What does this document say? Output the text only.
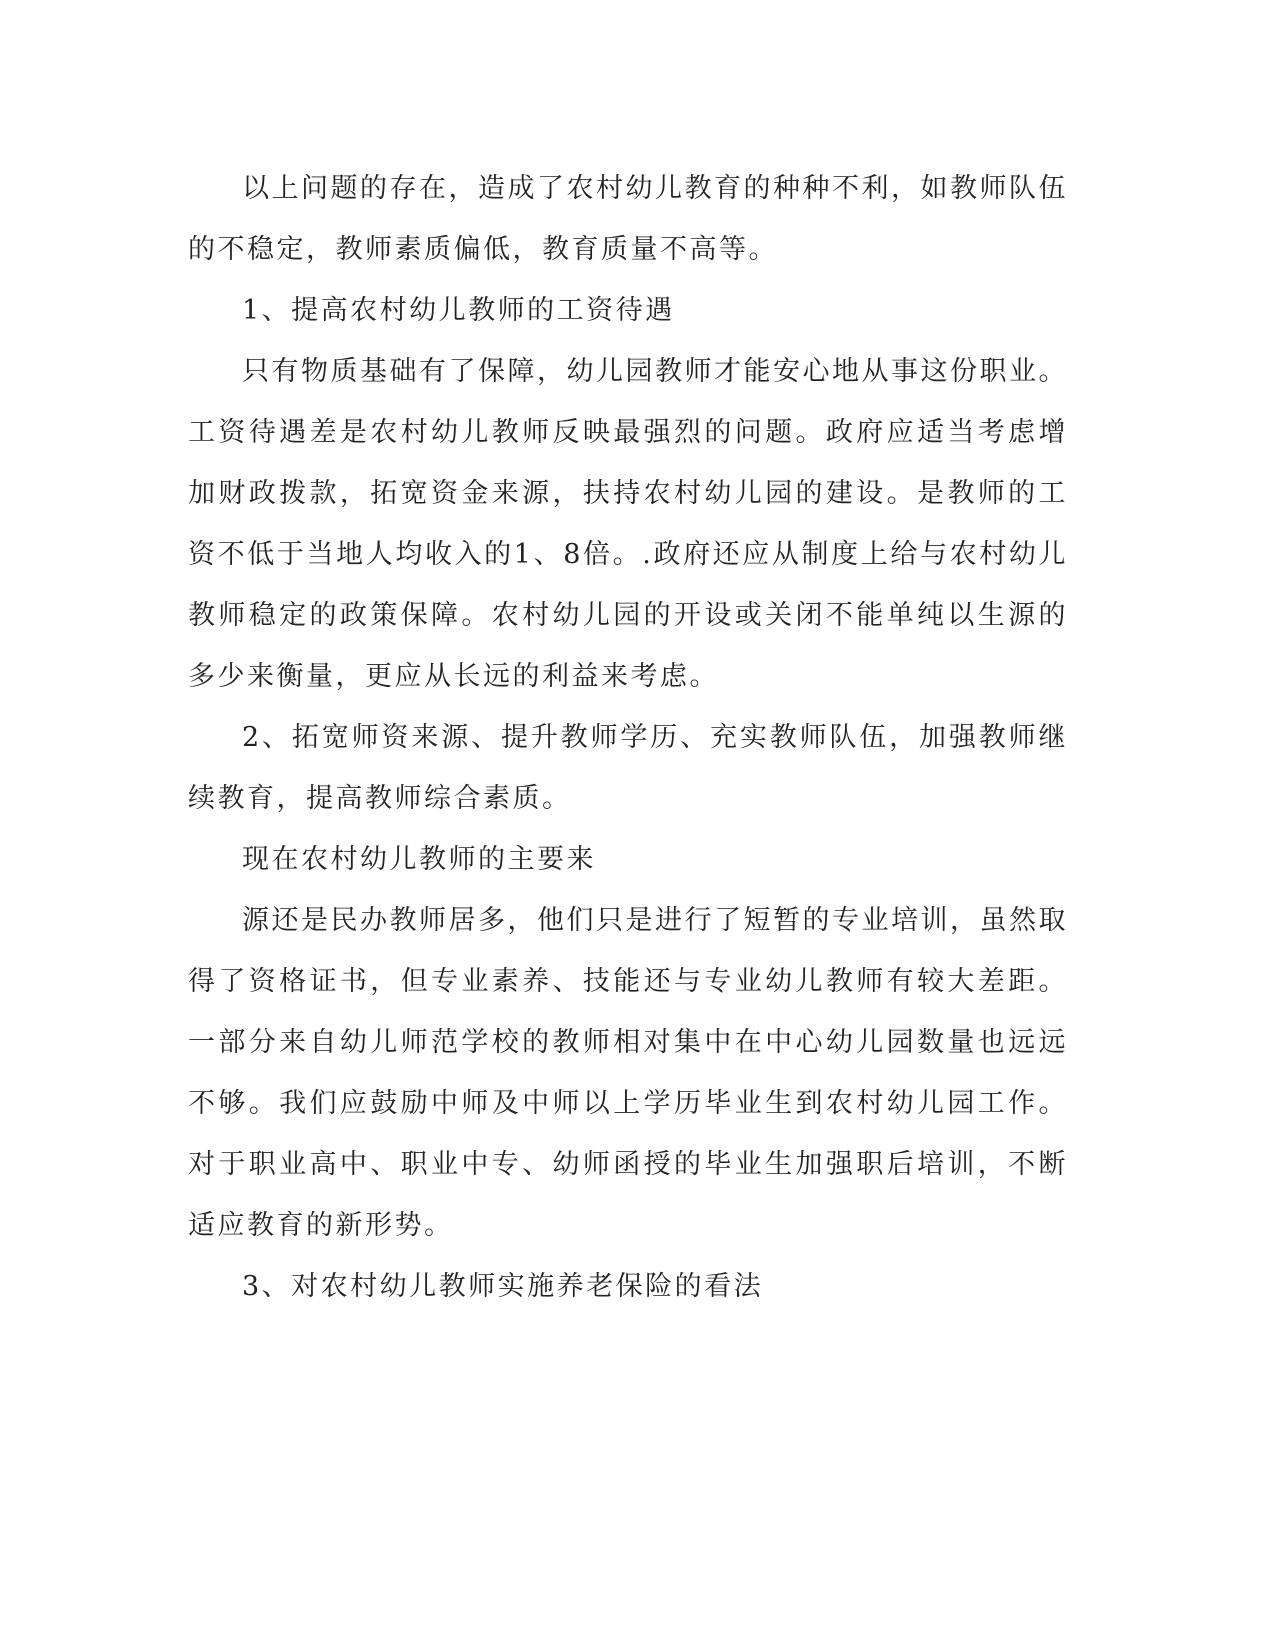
以上问题的存在，造成了农村幼儿教育的种种不利，如教师队伍的不稳定，教师素质偏低，教育质量不高等。

1、提高农村幼儿教师的工资待遇

只有物质基础有了保障，幼儿园教师才能安心地从事这份职业。工资待遇差是农村幼儿教师反映最强烈的问题。政府应适当考虑增加财政拨款，拓宽资金来源，扶持农村幼儿园的建设。是教师的工资不低于当地人均收入的1、8倍。.政府还应从制度上给与农村幼儿教师稳定的政策保障。农村幼儿园的开设或关闭不能单纯以生源的多少来衡量，更应从长远的利益来考虑。

2、拓宽师资来源、提升教师学历、充实教师队伍，加强教师继续教育，提高教师综合素质。

现在农村幼儿教师的主要来

源还是民办教师居多，他们只是进行了短暂的专业培训，虽然取得了资格证书，但专业素养、技能还与专业幼儿教师有较大差距。一部分来自幼儿师范学校的教师相对集中在中心幼儿园数量也远远不够。我们应鼓励中师及中师以上学历毕业生到农村幼儿园工作。对于职业高中、职业中专、幼师函授的毕业生加强职后培训，不断适应教育的新形势。

3、对农村幼儿教师实施养老保险的看法
